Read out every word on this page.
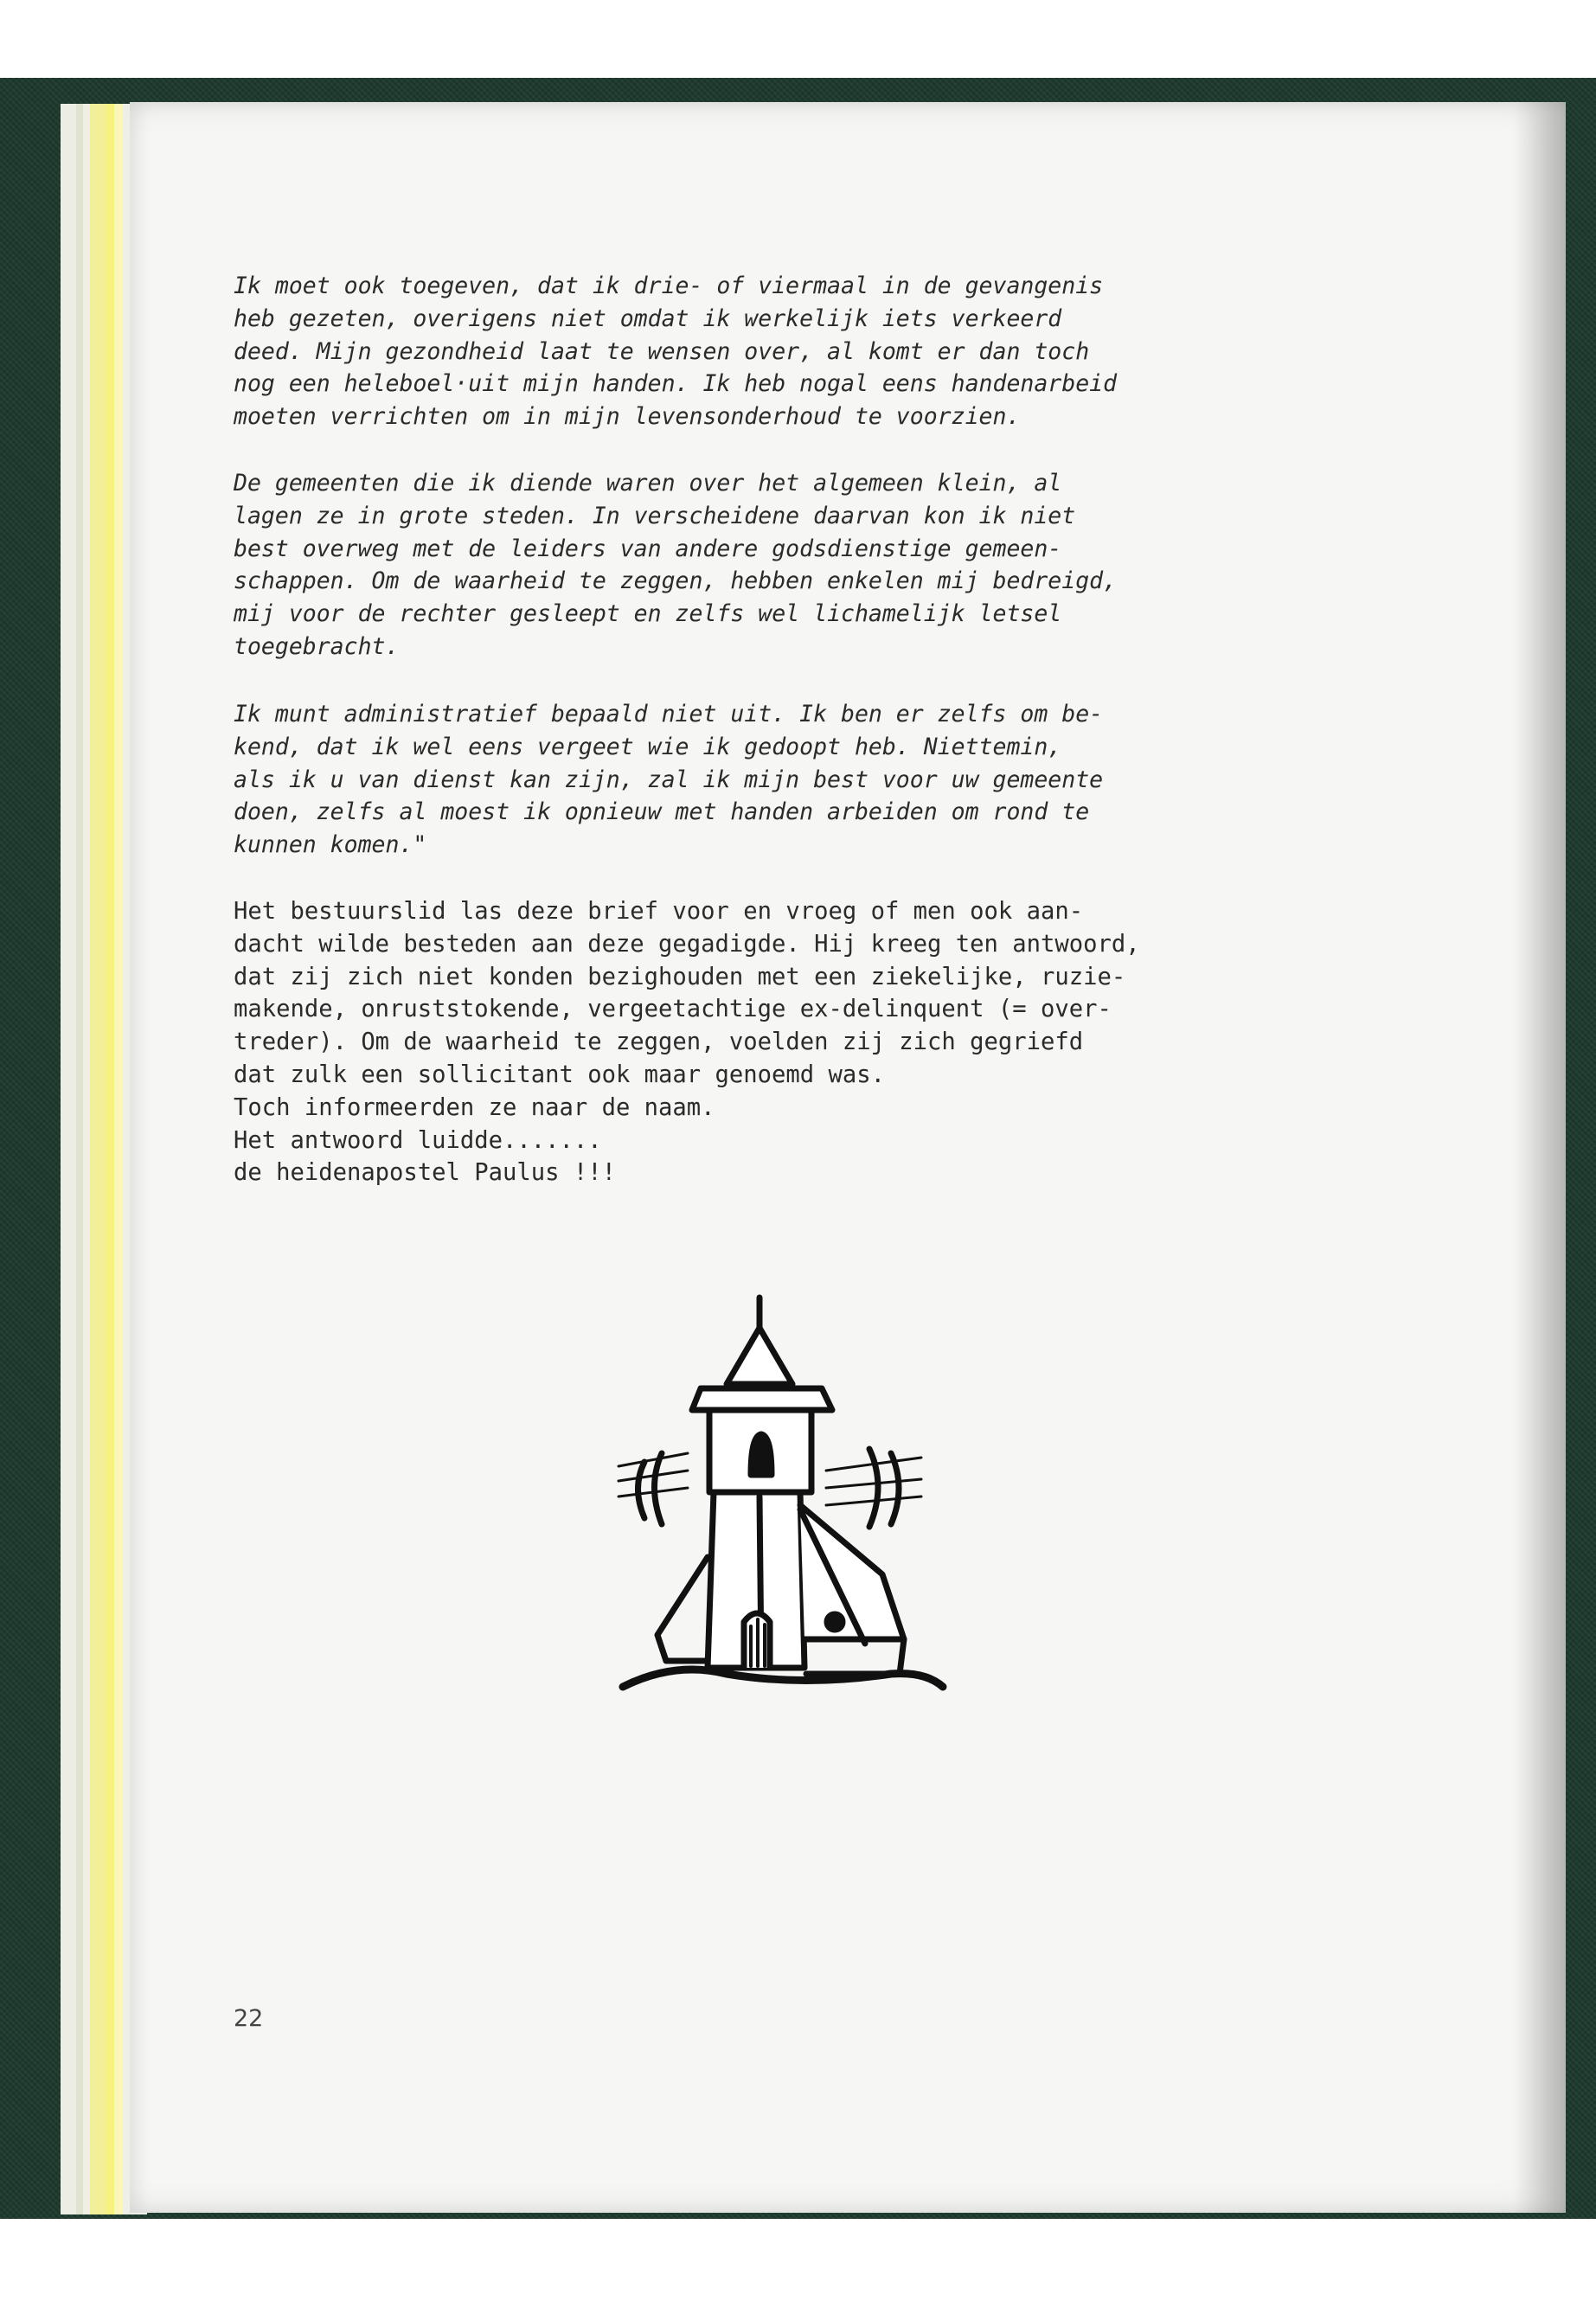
Ik moet ook toegeven, dat ik drie- of viermaal in de gevangenis
heb gezeten, overigens niet omdat ik werkelijk iets verkeerd
deed. Mijn gezondheid laat te wensen over, al komt er dan toch
nog een heleboel·uit mijn handen. Ik heb nogal eens handenarbeid
moeten verrichten om in mijn levensonderhoud te voorzien.
De gemeenten die ik diende waren over het algemeen klein, al
lagen ze in grote steden. In verscheidene daarvan kon ik niet
best overweg met de leiders van andere godsdienstige gemeen-
schappen. Om de waarheid te zeggen, hebben enkelen mij bedreigd,
mij voor de rechter gesleept en zelfs wel lichamelijk letsel
toegebracht.
Ik munt administratief bepaald niet uit. Ik ben er zelfs om be-
kend, dat ik wel eens vergeet wie ik gedoopt heb. Niettemin,
als ik u van dienst kan zijn, zal ik mijn best voor uw gemeente
doen, zelfs al moest ik opnieuw met handen arbeiden om rond te
kunnen komen."
Het bestuurslid las deze brief voor en vroeg of men ook aan-
dacht wilde besteden aan deze gegadigde. Hij kreeg ten antwoord,
dat zij zich niet konden bezighouden met een ziekelijke, ruzie-
makende, onruststokende, vergeetachtige ex-delinquent (= over-
treder). Om de waarheid te zeggen, voelden zij zich gegriefd
dat zulk een sollicitant ook maar genoemd was.
Toch informeerden ze naar de naam.
Het antwoord luidde.......
de heidenapostel Paulus !!!
22
